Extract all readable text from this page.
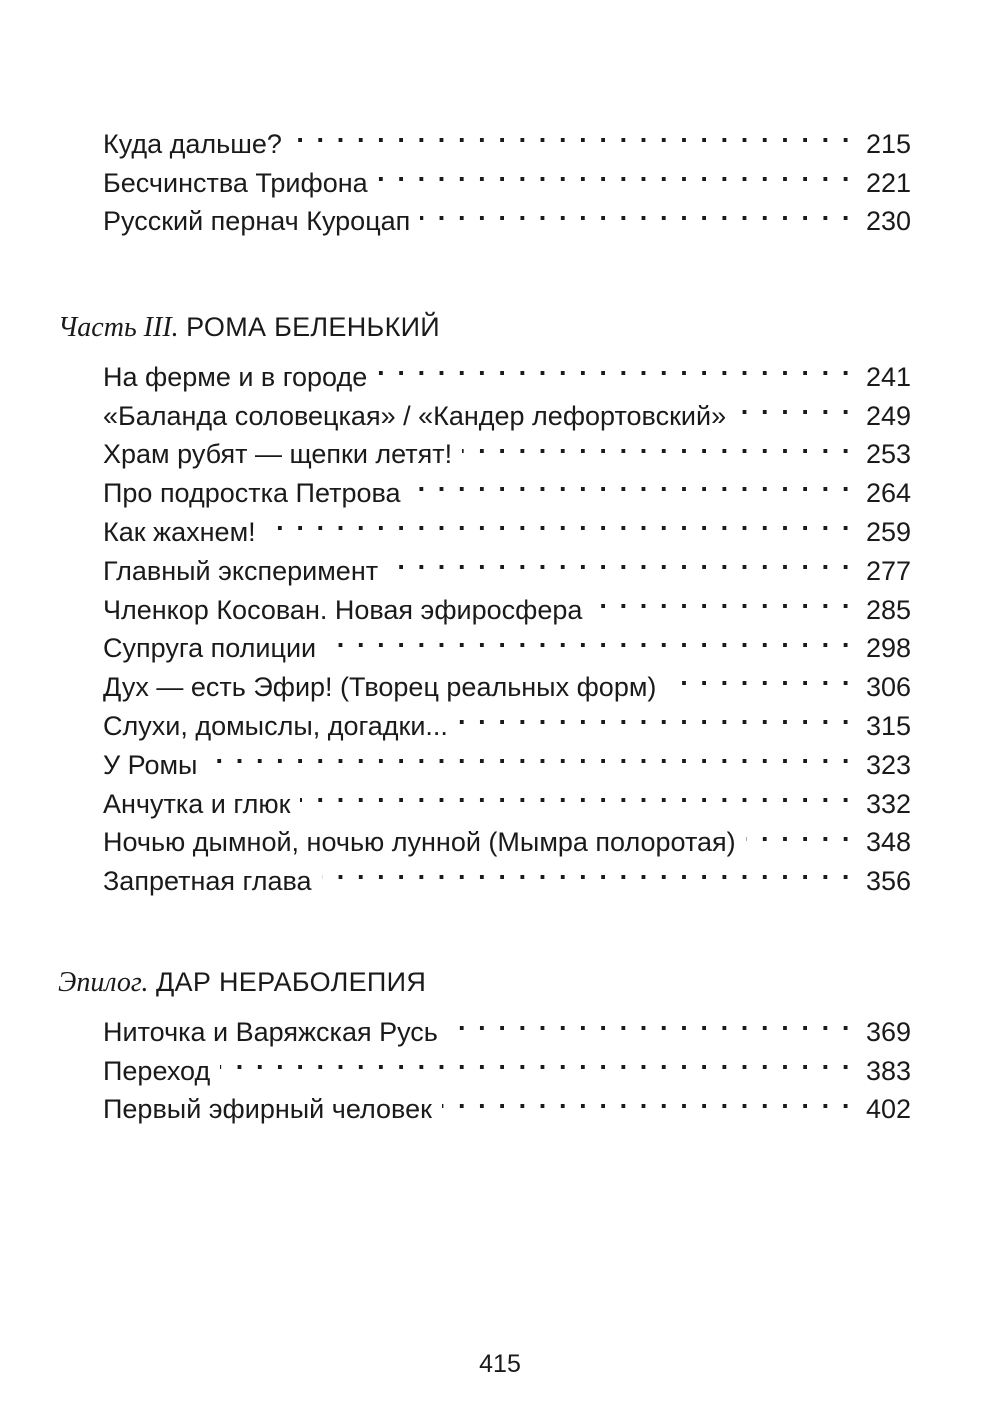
Куда дальше? . . .	215
Бесчинства Трифона . . .	221
Русский пернач Куроцап . . .	230
Часть III. РОМА БЕЛЕНЬКИЙ
На ферме и в городе . . .	241
«Баланда соловецкая» / «Кандер лефортовский» . . .	249
Храм рубят — щепки летят! . . .	253
Про подростка Петрова . . .	264
Как жахнем! . . .	259
Главный эксперимент . . .	277
Членкор Косован. Новая эфиросфера . . .	285
Супруга полиции . . .	298
Дух — есть Эфир! (Творец реальных форм) . . .	306
Слухи, домыслы, догадки... . . .	315
У Ромы . . .	323
Анчутка и глюк . . .	332
Ночью дымной, ночью лунной (Мымра полоротая) . . .	348
Запретная глава . . .	356
Эпилог. ДАР НЕРАБОЛЕПИЯ
Ниточка и Варяжская Русь . . .	369
Переход . . .	383
Первый эфирный человек . . .	402
415
